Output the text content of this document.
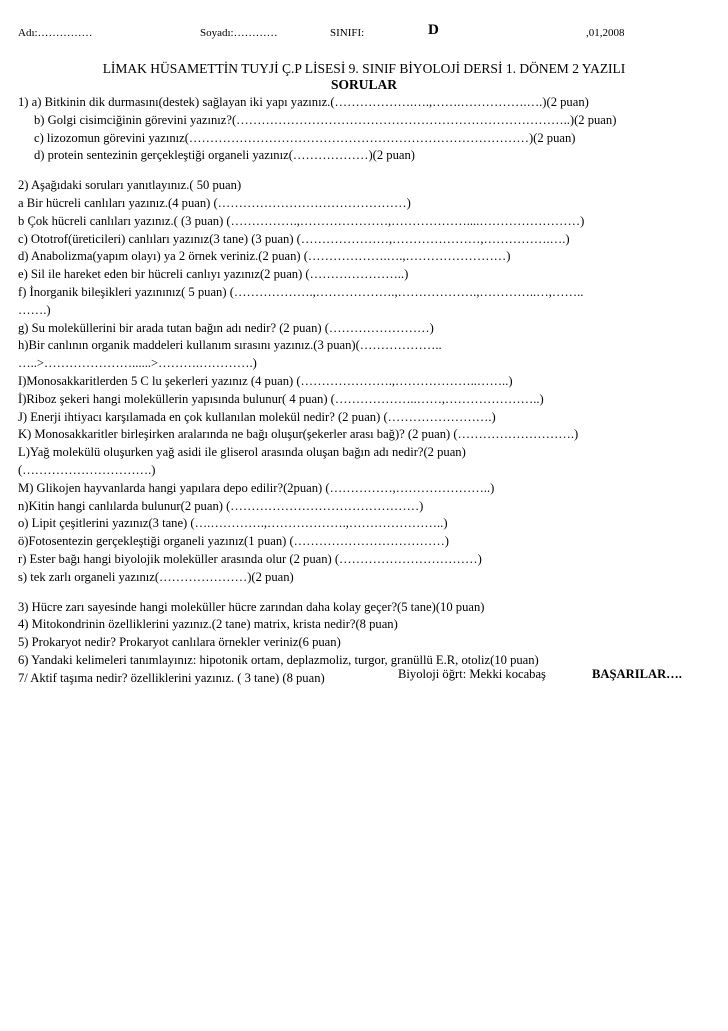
Adı:……………	Soyadı:…………	SINIFI:	D	,01,2008
LİMAK HÜSAMETTİN TUYJİ Ç.P LİSESİ 9. SINIF BİYOLOJİ DERSİ 1. DÖNEM 2 YAZILI
SORULAR
1) a) Bitkinin dik durmasını(destek) sağlayan iki yapı yazınız.(……………….….,…….…………….….)(2 puan)
b) Golgi cisimciğinin görevini yazınız?(……………………………………………………………………..)(2 puan)
c) lizozomun görevini yazınız(………………………………………………………………………)(2 puan)
d) protein sentezinin gerçekleştiği organeli yazınız(………………)(2 puan)
2) Aşağıdaki soruları yanıtlayınız.( 50 puan)
a Bir hücreli canlıları yazınız.(4 puan) (………………………………………)
b Çok hücreli canlıları yazınız.( (3 puan) (…………….,…………………,………………....……………………)
c) Ototrof(üreticileri) canlıları yazınız(3 tane) (3 puan) (…………………,…………………,…………….….)
d) Anabolizma(yapım olayı) ya 2 örnek veriniz.(2 puan) (……………….….,……………………)
e) Sil ile hareket eden bir hücreli canlıyı yazınız(2 puan) (…………………..)
f) İnorganik bileşikleri yazınınız( 5 puan) (……………….,……………….,……………….,…………..…,……..
…….)
g) Su moleküllerini bir arada tutan bağın adı nedir? (2 puan) (……………………)
h)Bir canlının organik maddeleri kullanım sırasını yazınız.(3 puan)(………………..
…..>…………………......>……….………….)
I)Monosakkaritlerden 5 C lu şekerleri yazınız (4 puan) (………………….,………………..……..)
İ)Riboz şekeri hangi moleküllerin yapısında bulunur( 4 puan) (………………..……,…………………..)
J) Enerji ihtiyacı karşılamada en çok kullanılan molekül nedir? (2 puan) (…………………….)
K) Monosakkaritler birleşirken aralarında ne bağı oluşur(şekerler arası bağ)? (2 puan) (……………………….)
L)Yağ molekülü oluşurken yağ asidi ile gliserol arasında oluşan bağın adı nedir?(2 puan)
(………………………….)
M) Glikojen hayvanlarda hangi yapılara depo edilir?(2puan) (……………,…………………..)
n)Kitin hangi canlılarda bulunur(2 puan) (………………………………………)
o) Lipit çeşitlerini yazınız(3 tane) (….………….,……………….,…………………..)
ö)Fotosentezin gerçekleştiği organeli yazınız(1 puan) (………………………………)
r) Ester bağı hangi biyolojik moleküller arasında olur (2 puan) (……………………………)
s) tek zarlı organeli yazınız(…………………)(2 puan)
3) Hücre zarı sayesinde hangi moleküller hücre zarından daha kolay geçer?(5 tane)(10 puan)
4) Mitokondrinin özelliklerini yazınız.(2 tane) matrix, krista nedir?(8 puan)
5) Prokaryot nedir? Prokaryot canlılara örnekler veriniz(6 puan)
6) Yandaki kelimeleri tanımlayınız: hipotonik ortam, deplazmoliz, turgor, granüllü E.R, otoliz(10 puan)
7/ Aktif taşıma nedir? özelliklerini yazınız. ( 3 tane) (8 puan)	Biyoloji öğrt: Mekki kocabaş	BAŞARILAR….
